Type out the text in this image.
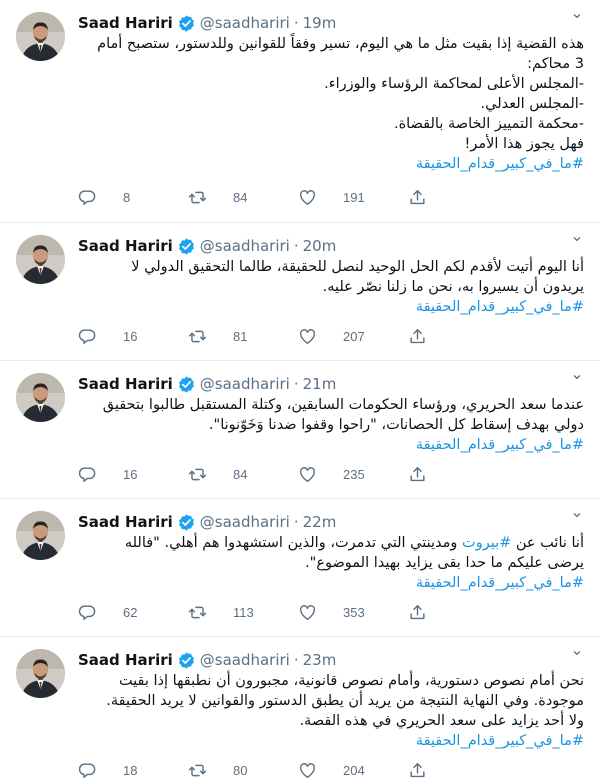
Saad Hariri @saadhariri · 19m
⌄
هذه القضية إذا بقيت مثل ما هي اليوم، تسير وفقاً للقوانين وللدستور، ستصبح أمام
3 محاكم:
-المجلس الأعلى لمحاكمة الرؤساء والوزراء.
-المجلس العدلي.
-محكمة التمييز الخاصة بالقضاة.
فهل يجوز هذا الأمر!
#ما_في_كبير_قدام_الحقيقة
8	84	191
Saad Hariri @saadhariri · 20m
⌄
أنا اليوم أتيت لأقدم لكم الحل الوحيد لنصل للحقيقة، طالما التحقيق الدولي لا
يريدون أن يسيروا به، نحن ما زلنا نصّر عليه.
#ما_في_كبير_قدام_الحقيقة
16	81	207
Saad Hariri @saadhariri · 21m
⌄
عندما سعد الحريري، ورؤساء الحكومات السابقين، وكتلة المستقبل طالبوا بتحقيق
دولي بهدف إسقاط كل الحصانات، "راحوا وقفوا ضدنا وَخَوّنونا".
#ما_في_كبير_قدام_الحقيقة
16	84	235
Saad Hariri @saadhariri · 22m
⌄
أنا نائب عن #بيروت ومدينتي التي تدمرت، والذين استشهدوا هم أهلي. "فالله
يرضى عليكم ما حدا بقى يزايد بهيدا الموضوع".
#ما_في_كبير_قدام_الحقيقة
62	113	353
Saad Hariri @saadhariri · 23m
⌄
نحن أمام نصوص دستورية، وأمام نصوص قانونية، مجبورون أن نطبقها إذا بقيت
موجودة. وفي النهاية النتيجة من يريد أن يطبق الدستور والقوانين لا يريد الحقيقة.
ولا أحد يزايد على سعد الحريري في هذه القصة.
#ما_في_كبير_قدام_الحقيقة
18	80	204
